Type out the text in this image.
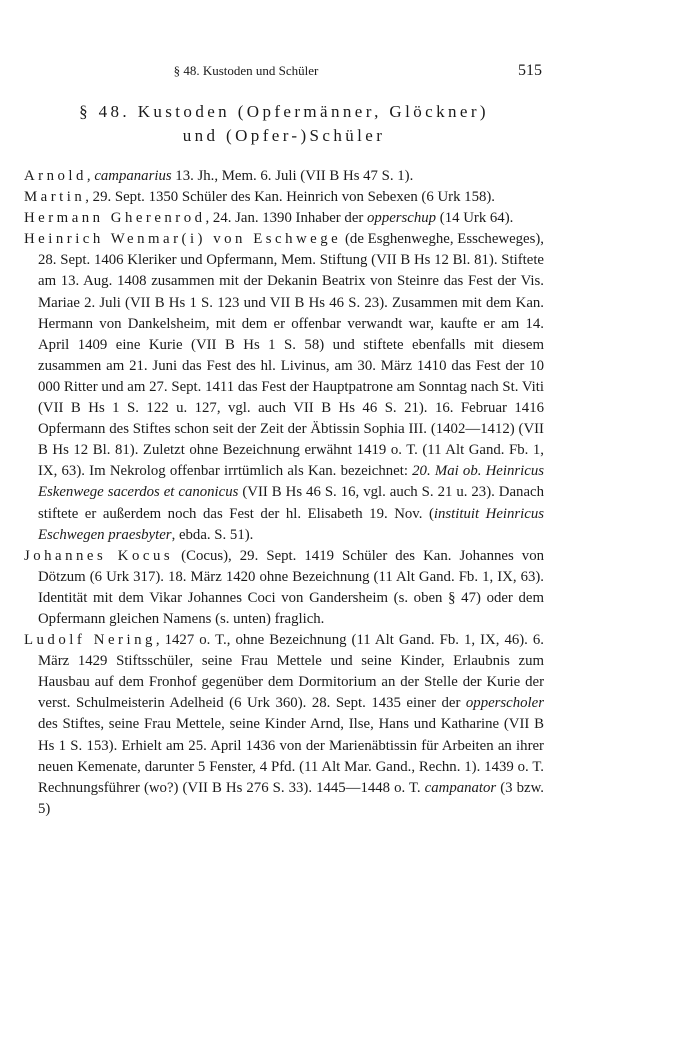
§ 48. Kustoden und Schüler	515
§ 48. Kustoden (Opfermänner, Glöckner)
und (Opfer-)Schüler

Arnold, campanarius 13. Jh., Mem. 6. Juli (VII B Hs 47 S. 1).

Martin, 29. Sept. 1350 Schüler des Kan. Heinrich von Sebexen (6 Urk 158).

Hermann Gherenrod, 24. Jan. 1390 Inhaber der opperschup (14 Urk 64).

Heinrich Wenmar(i) von Eschwege (de Esghenweghe, Esscheweges), 28. Sept. 1406 Kleriker und Opfermann, Mem. Stiftung (VII B Hs 12 Bl. 81). Stiftete am 13. Aug. 1408 zusammen mit der Dekanin Beatrix von Steinre das Fest der Vis. Mariae 2. Juli (VII B Hs 1 S. 123 und VII B Hs 46 S. 23). Zusammen mit dem Kan. Hermann von Dankelsheim, mit dem er offenbar verwandt war, kaufte er am 14. April 1409 eine Kurie (VII B Hs 1 S. 58) und stiftete ebenfalls mit diesem zusammen am 21. Juni das Fest des hl. Livinus, am 30. März 1410 das Fest der 10 000 Ritter und am 27. Sept. 1411 das Fest der Hauptpatrone am Sonntag nach St. Viti (VII B Hs 1 S. 122 u. 127, vgl. auch VII B Hs 46 S. 21). 16. Februar 1416 Opfermann des Stiftes schon seit der Zeit der Äbtissin Sophia III. (1402—1412) (VII B Hs 12 Bl. 81). Zuletzt ohne Bezeichnung erwähnt 1419 o. T. (11 Alt Gand. Fb. 1, IX, 63). Im Nekrolog offenbar irrtümlich als Kan. bezeichnet: 20. Mai ob. Heinricus Eskenwege sacerdos et canonicus (VII B Hs 46 S. 16, vgl. auch S. 21 u. 23). Danach stiftete er außerdem noch das Fest der hl. Elisabeth 19. Nov. (instituit Heinricus Eschwegen praesbyter, ebda. S. 51).

Johannes Kocus (Cocus), 29. Sept. 1419 Schüler des Kan. Johannes von Dötzum (6 Urk 317). 18. März 1420 ohne Bezeichnung (11 Alt Gand. Fb. 1, IX, 63). Identität mit dem Vikar Johannes Coci von Gandersheim (s. oben § 47) oder dem Opfermann gleichen Namens (s. unten) fraglich.

Ludolf Nering, 1427 o. T., ohne Bezeichnung (11 Alt Gand. Fb. 1, IX, 46). 6. März 1429 Stiftsschüler, seine Frau Mettele und seine Kinder, Erlaubnis zum Hausbau auf dem Fronhof gegenüber dem Dormitorium an der Stelle der Kurie der verst. Schulmeisterin Adelheid (6 Urk 360). 28. Sept. 1435 einer der opperscholer des Stiftes, seine Frau Mettele, seine Kinder Arnd, Ilse, Hans und Katharine (VII B Hs 1 S. 153). Erhielt am 25. April 1436 von der Marienäbtissin für Arbeiten an ihrer neuen Kemenate, darunter 5 Fenster, 4 Pfd. (11 Alt Mar. Gand., Rechn. 1). 1439 o. T. Rechnungsführer (wo?) (VII B Hs 276 S. 33). 1445—1448 o. T. campanator (3 bzw. 5)
